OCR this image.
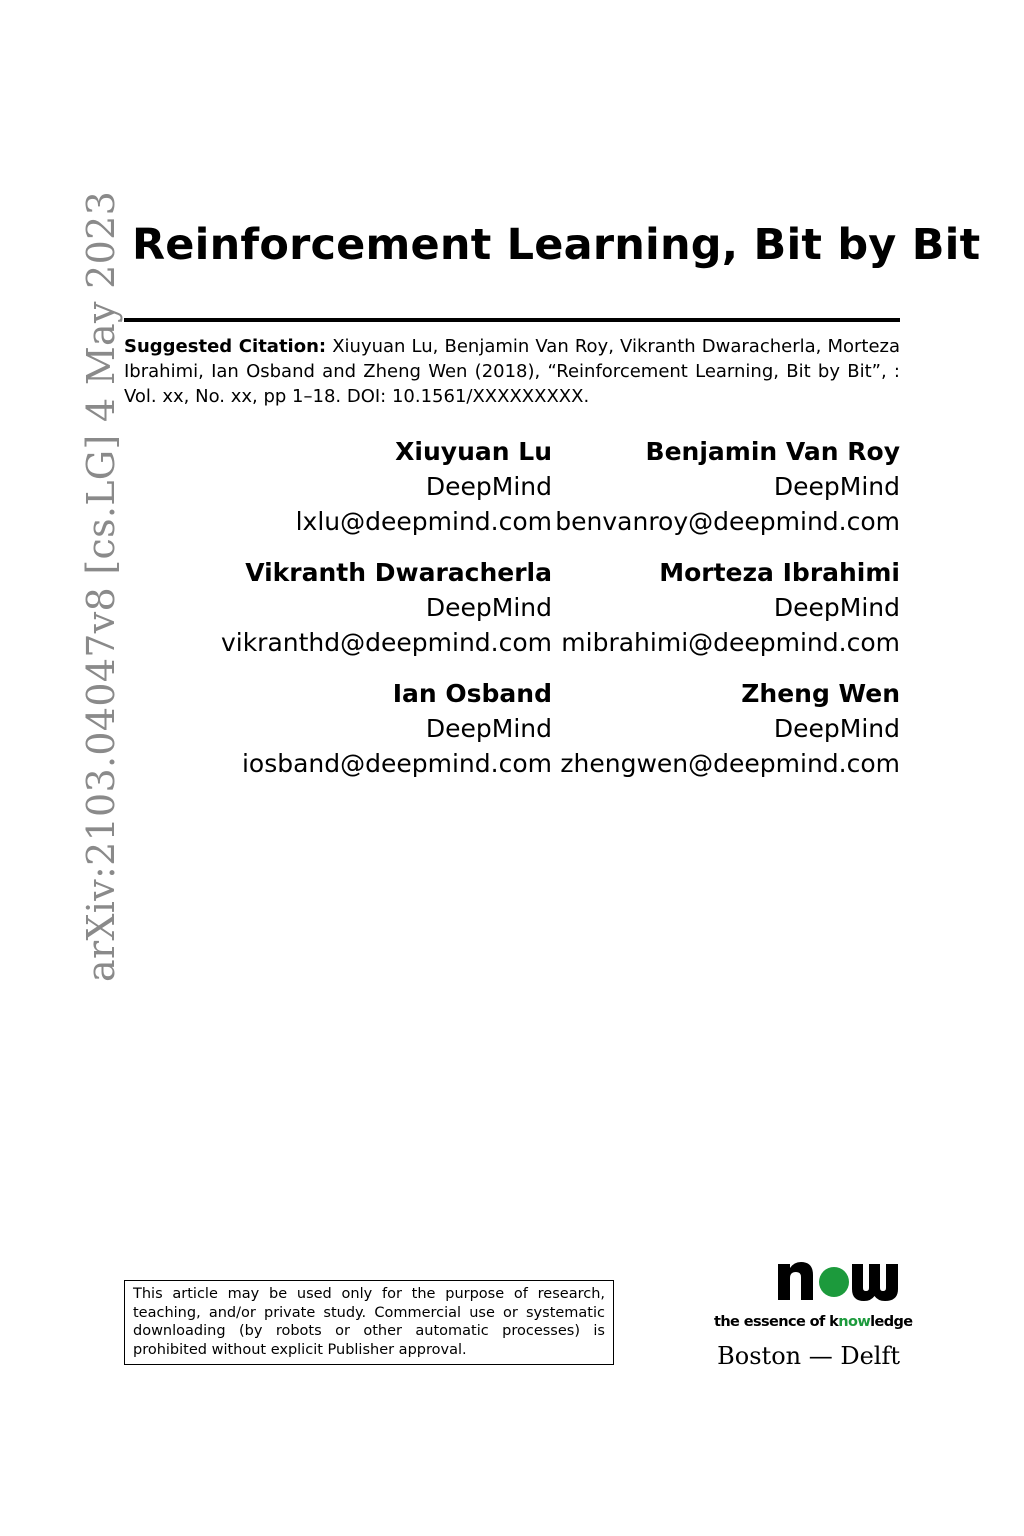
arXiv:2103.04047v8 [cs.LG] 4 May 2023 Reinforcement Learning, Bit by Bit
Suggested Citation: Xiuyuan Lu, Benjamin Van Roy, Vikranth Dwaracherla, Morteza Ibrahimi, Ian Osband and Zheng Wen (2018), “Reinforcement Learning, Bit by Bit”, : Vol. xx, No. xx, pp 1–18. DOI: 10.1561/XXXXXXXXX.
Xiuyuan Lu
DeepMind
lxlu@deepmind.com
Benjamin Van Roy
DeepMind
benvanroy@deepmind.com
Vikranth Dwaracherla
DeepMind
vikranthd@deepmind.com
Morteza Ibrahimi
DeepMind
mibrahimi@deepmind.com
Ian Osband
DeepMind
iosband@deepmind.com
Zheng Wen
DeepMind
zhengwen@deepmind.com
This article may be used only for the purpose of research, teaching, and/or private study. Commercial use or systematic downloading (by robots or other automatic processes) is prohibited without explicit Publisher approval.
the essence of knowledge
Boston — Delft
